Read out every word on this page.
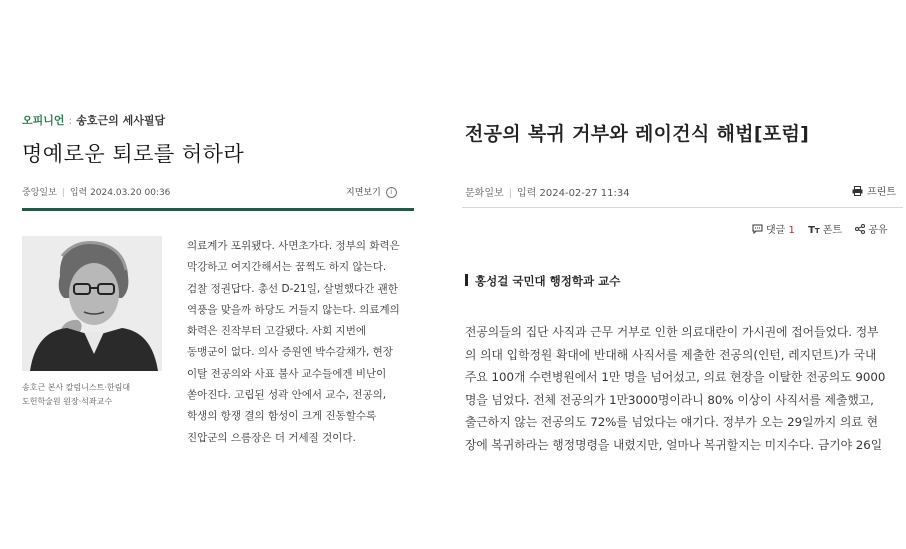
오피니언 : 송호근의 세사필담
명예로운 퇴로를 허하라
중앙일보 | 입력 2024.03.20 00:36	지면보기 i
송호근 본사 칼럼니스트·한림대
도헌학술원 원장·석좌교수

의료계가 포위됐다. 사면초가다. 정부의 화력은

막강하고 여지간해서는 꿈쩍도 하지 않는다.

검찰 정권답다. 총선 D-21일, 살벌했다간 괜한

역풍을 맞을까 하당도 거들지 않는다. 의료계의

화력은 진작부터 고갈됐다. 사회 지번에

동맹군이 없다. 의사 증원엔 박수갈채가, 현장

이탈 전공의와 사표 불사 교수들에겐 비난이

쏟아진다. 고립된 성곽 안에서 교수, 전공의,

학생의 항쟁 결의 함성이 크게 진동할수록

진압군의 으름장은 더 거세질 것이다.

전공의 복귀 거부와 레이건식 해법[포럼]
문화일보 | 입력 2024-02-27 11:34	프린트
댓글 1 TT 폰트	공유
홍성걸 국민대 행정학과 교수

전공의들의 집단 사직과 근무 거부로 인한 의료대란이 가시권에 접어들었다. 정부

의 의대 입학정원 확대에 반대해 사직서를 제출한 전공의(인턴, 레지던트)가 국내

주요 100개 수련병원에서 1만 명을 넘어섰고, 의료 현장을 이탈한 전공의도 9000

명을 넘었다. 전체 전공의가 1만3000명이라니 80% 이상이 사직서를 제출했고,

출근하지 않는 전공의도 72%를 넘었다는 얘기다. 정부가 오는 29일까지 의료 현

장에 복귀하라는 행정명령을 내렸지만, 얼마나 복귀할지는 미지수다. 금기야 26일
